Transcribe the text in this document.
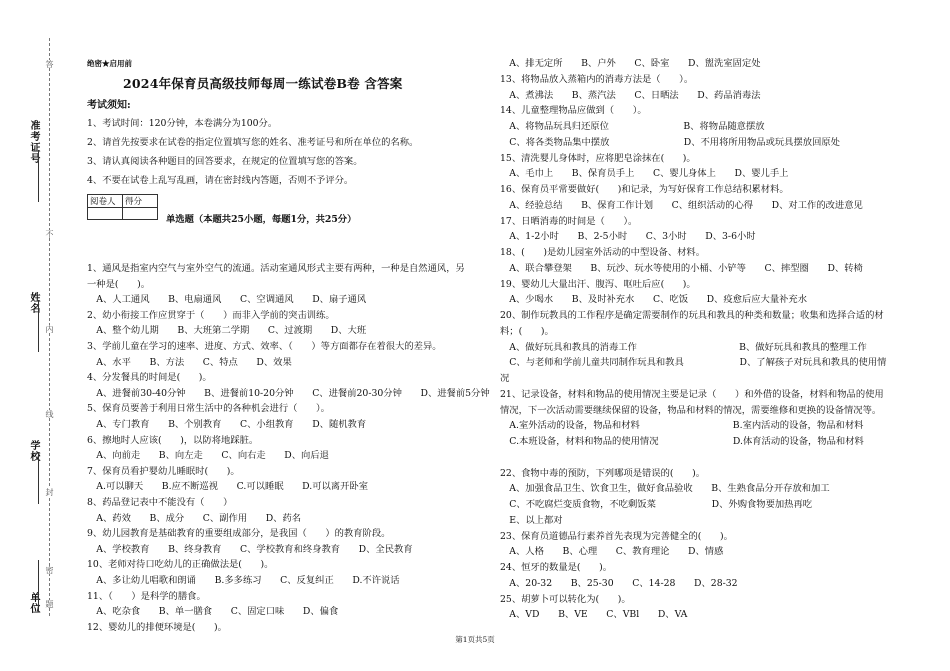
准考证号
姓名
学校
单位
答
不
内
线
封
密
题
绝密★启用前
2024年保育员高级技师每周一练试卷B卷 含答案
考试须知:
1、考试时间：120分钟，本卷满分为100分。
2、请首先按要求在试卷的指定位置填写您的姓名、准考证号和所在单位的名称。
3、请认真阅读各种题目的回答要求，在规定的位置填写您的答案。
4、不要在试卷上乱写乱画，请在密封线内答题，否则不予评分。
阅卷人	得分

单选题（本题共25小题，每题1分，共25分）
1、通风是指室内空气与室外空气的流通。活动室通风形式主要有两种，一种是自然通风，另
一种是(　　)。
　A、人工通风　　B、电扇通风　　C、空调通风　　D、扇子通风
2、幼小衔接工作应贯穿于（　　）而非入学前的突击训练。
　A、整个幼儿期　　B、大班第二学期　　C、过渡期　　D、大班
3、学前儿童在学习的速率、进度、方式、效率、（　　）等方面都存在着很大的差异。
　A、水平　　B、方法　　C、特点　　D、效果
4、分发餐具的时间是(　　)。
　A、进餐前30-40分钟　　B、进餐前10-20分钟　　C、进餐前20-30分钟　　D、进餐前5分钟
5、保育员要善于利用日常生活中的各种机会进行（　　）。
　A、专门教育　　B、个别教育　　C、小组教育　　D、随机教育
6、擦地时人应该(　　)，以防将地踩脏。
　A、向前走　　B、向左走　　C、向右走　　D、向后退
7、保育员看护婴幼儿睡眠时(　　)。
　A.可以聊天　　B.应不断巡视　　C.可以睡眠　　D.可以离开卧室
8、药品登记表中不能没有（　　）
　A、药效　　B、成分　　C、副作用　　D、药名
9、幼儿园教育是基础教育的重要组成部分，是我国（　　）的教育阶段。
　A、学校教育　　B、终身教育　　C、学校教育和终身教育　　D、全民教育
10、老师对待口吃幼儿的正确做法是(　　)。
　A、多让幼儿唱歌和朗诵　　B.多多练习　　C、反复纠正　　D.不许说话
11、（　　）是科学的膳食。
　A、吃杂食　　B、单一膳食　　C、固定口味　　D、偏食
12、婴幼儿的排便环境是(　　)。
　A、排无定所　　B、户外　　C、卧室　　D、盥洗室固定处
13、将物品放入蒸箱内的消毒方法是（　　）。
　A、煮沸法　　B、蒸汽法　　C、日晒法　　D、药品消毒法
14、儿童整理物品应做到（　　）。
　A、将物品玩具归还原位　　　　　　　　B、将物品随意摆放
　C、将各类物品集中摆放　　　　　　　　D、不用将所用物品或玩具摆放回原处
15、清洗婴儿身体时，应将肥皂涂抹在(　　)。
　A、毛巾上　　B、保育员手上　　C、婴儿身体上　　D、婴儿手上
16、保育员平常要做好(　　)和记录，为写好保育工作总结积累材料。
　A、经验总结　　B、保育工作计划　　C、组织活动的心得　　D、对工作的改进意见
17、日晒消毒的时间是（　　）。
　A、1-2小时　　B、2-5小时　　C、3小时　　D、3-6小时
18、(　　)是幼儿园室外活动的中型设备、材料。
　A、联合攀登架　　B、玩沙、玩水等使用的小桶、小铲等　　C、摔型圈　　D、转椅
19、婴幼儿大量出汗、腹泻、呕吐后应(　　)。
　A、少喝水　　B、及时补充水　　C、吃饭　　D、疫愈后应大量补充水
20、制作玩教具的工作程序是确定需要制作的玩具和教具的种类和数量；收集和选择合适的材
料；(　　)。
　A、做好玩具和教具的消毒工作　　　　　　　　　　　B、做好玩具和教具的整理工作
　C、与老师和学前儿童共同制作玩具和教具　　　　　　D、了解孩子对玩具和教具的使用情
况
21、记录设备，材料和物品的使用情况主要是记录（　　）和外借的设备，材料和物品的使用
情况，下一次活动需要继续保留的设备，物品和材料的情况，需要维修和更换的设备情况等。
　A.室外活动的设备，物品和材料　　　　　　　　　　B.室内活动的设备，物品和材料
　C.本班设备，材料和物品的使用情况　　　　　　　　D.体育活动的设备，物品和材料
22、食物中毒的预防，下列哪项是错误的(　　)。
　A、加强食品卫生、饮食卫生，做好食品验收　　B、生熟食品分开存放和加工
　C、不吃腐烂变质食物，不吃剩饭菜　　　　　　D、外购食物要加热再吃
　E、以上都对
23、保育员道德品行素养首先表现为完善健全的(　　)。
　A、人格　　B、心理　　C、教育理论　　D、情感
24、恒牙的数量是(　　)。
　A、20-32　　B、25-30　　C、14-28　　D、28-32
25、胡萝卜可以转化为(　　)。
　A、VD　　B、VE　　C、VBl　　D、VA
第1页共5页
